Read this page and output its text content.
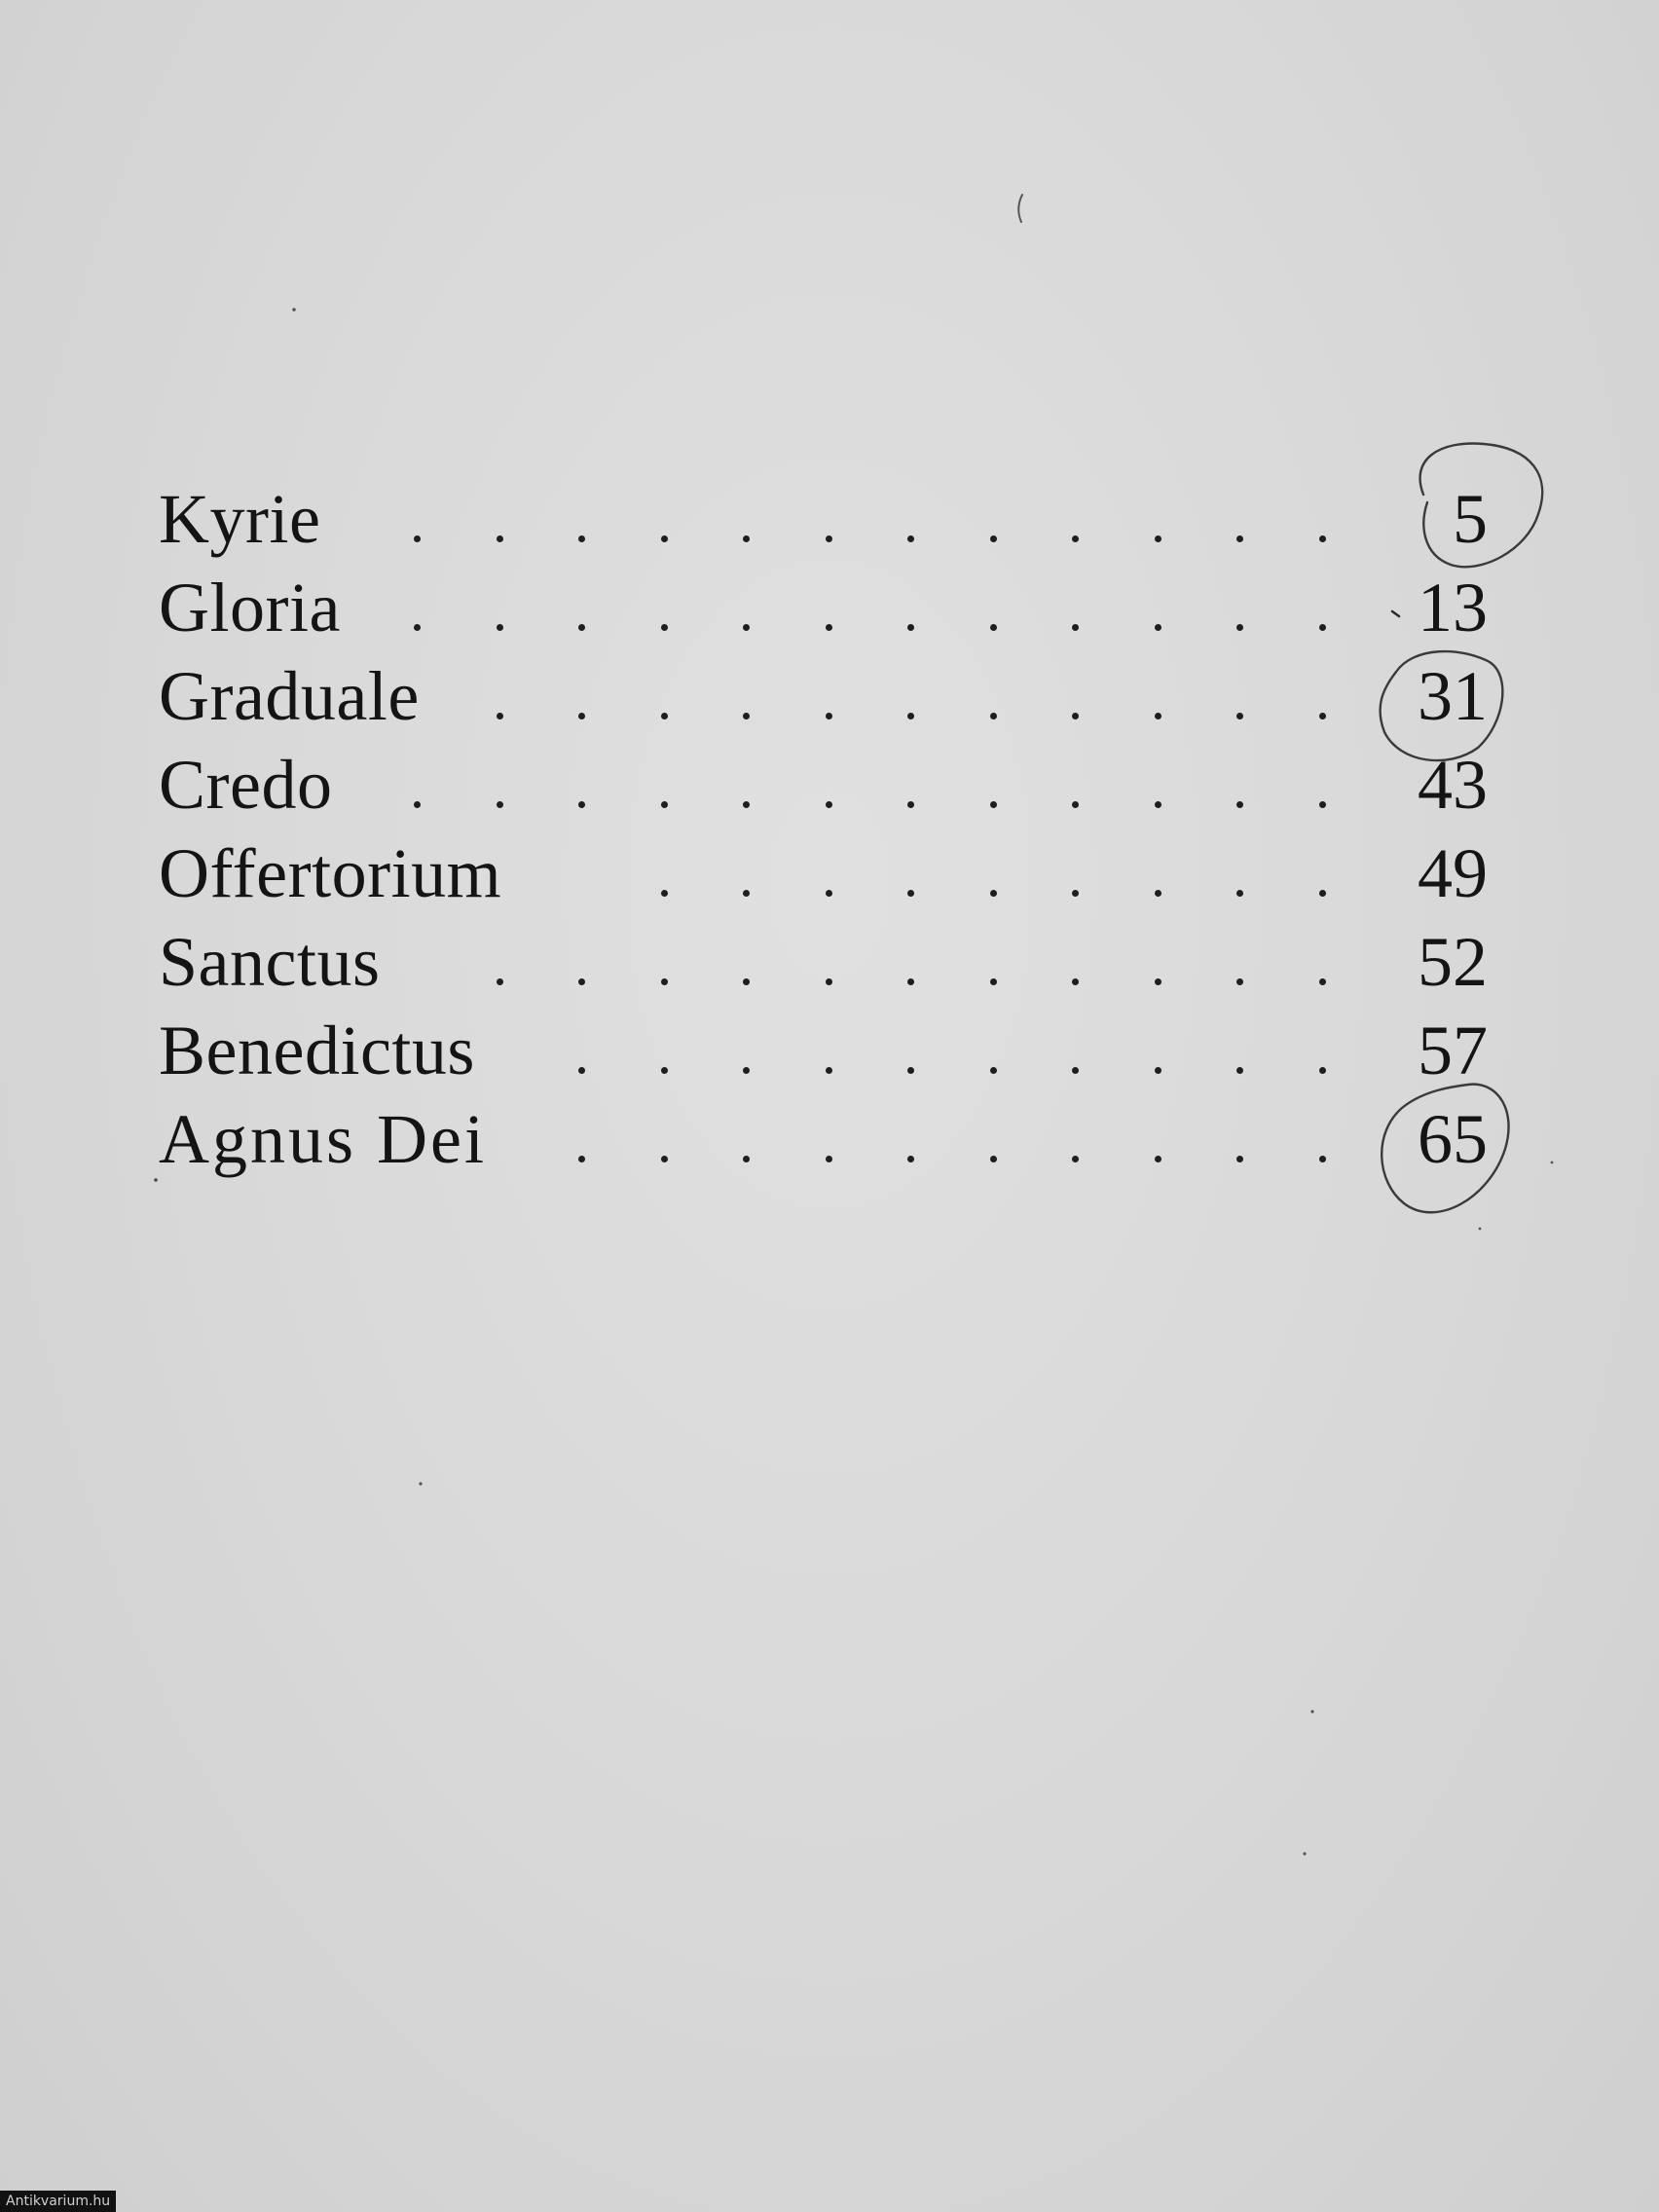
Kyrie	5
Gloria	13
Graduale	31
Credo	43
Offertorium	49
Sanctus	52
Benedictus	57
Agnus Dei	65
Antikvarium.hu
